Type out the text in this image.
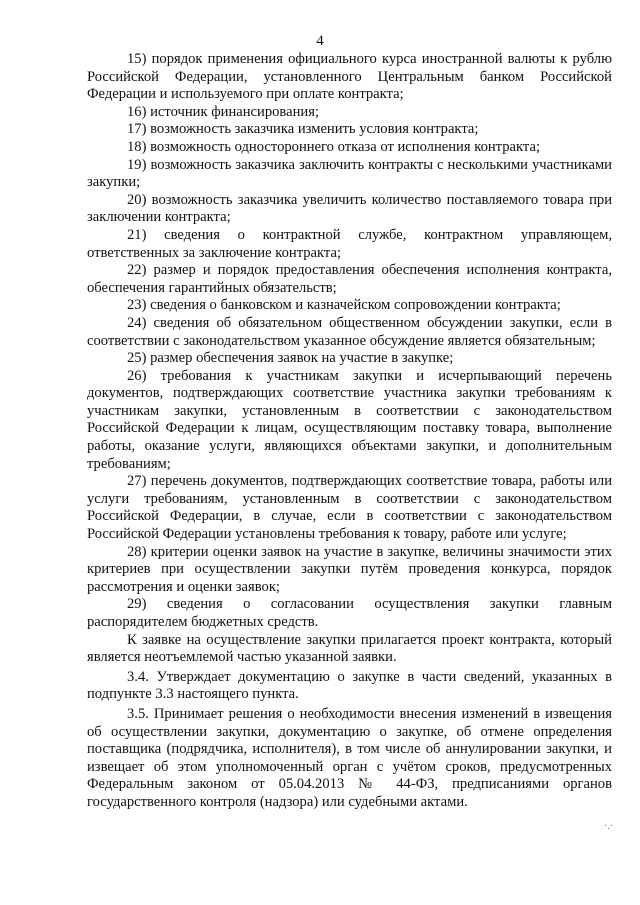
4

15) порядок применения официального курса иностранной валюты к рублю Российской Федерации, установленного Центральным банком Российской Федерации и используемого при оплате контракта;

16) источник финансирования;

17) возможность заказчика изменить условия контракта;

18) возможность одностороннего отказа от исполнения контракта;

19) возможность заказчика заключить контракты с несколькими участниками закупки;

20) возможность заказчика увеличить количество поставляемого товара при заключении контракта;

21) сведения о контрактной службе, контрактном управляющем, ответственных за заключение контракта;

22) размер и порядок предоставления обеспечения исполнения контракта, обеспечения гарантийных обязательств;

23) сведения о банковском и казначейском сопровождении контракта;

24) сведения об обязательном общественном обсуждении закупки, если в соответствии с законодательством указанное обсуждение является обязательным;

25) размер обеспечения заявок на участие в закупке;

26) требования к участникам закупки и исчерпывающий перечень документов, подтверждающих соответствие участника закупки требованиям к участникам закупки, установленным в соответствии с законодательством Российской Федерации к лицам, осуществляющим поставку товара, выполнение работы, оказание услуги, являющихся объектами закупки, и дополнительным требованиям;

27) перечень документов, подтверждающих соответствие товара, работы или услуги требованиям, установленным в соответствии с законодательством Российской Федерации, в случае, если в соответствии с законодательством Российской Федерации установлены требования к товару, работе или услуге;

28) критерии оценки заявок на участие в закупке, величины значимости этих критериев при осуществлении закупки путём проведения конкурса, порядок рассмотрения и оценки заявок;

29) сведения о согласовании осуществления закупки главным распорядителем бюджетных средств.

К заявке на осуществление закупки прилагается проект контракта, который является неотъемлемой частью указанной заявки.

3.4. Утверждает документацию о закупке в части сведений, указанных в подпункте 3.3 настоящего пункта.

3.5. Принимает решения о необходимости внесения изменений в извещения об осуществлении закупки, документацию о закупке, об отмене определения поставщика (подрядчика, исполнителя), в том числе об аннулировании закупки, и извещает об этом уполномоченный орган с учётом сроков, предусмотренных Федеральным законом от 05.04.2013 № 44-ФЗ, предписаниями органов государственного контроля (надзора) или судебными актами.

·.·
